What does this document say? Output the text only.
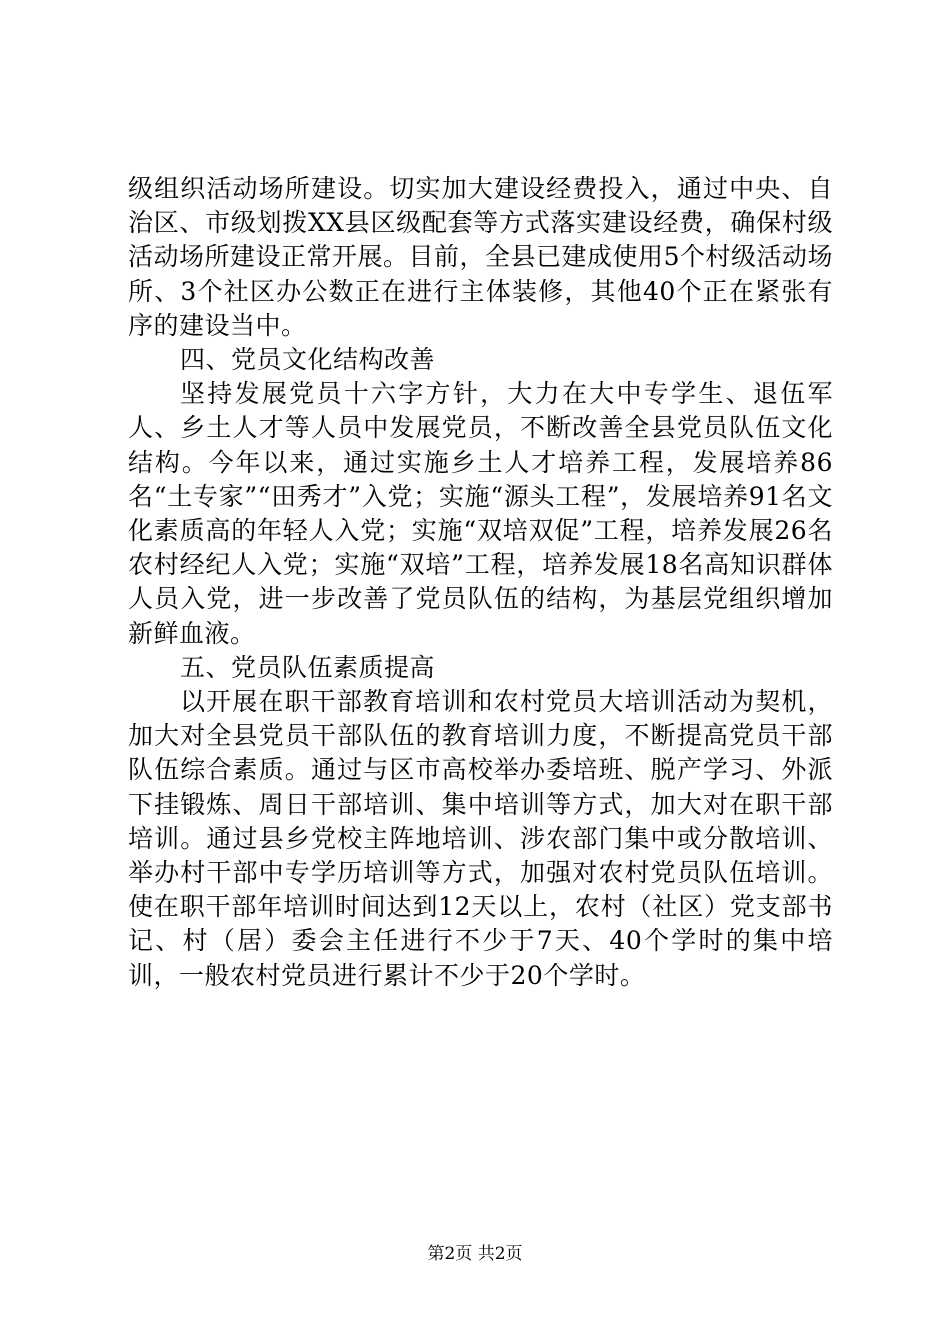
级组织活动场所建设。切实加大建设经费投入，通过中央、自治区、市级划拨XX县区级配套等方式落实建设经费，确保村级活动场所建设正常开展。目前，全县已建成使用5个村级活动场所、3个社区办公数正在进行主体装修，其他40个正在紧张有序的建设当中。

四、党员文化结构改善

坚持发展党员十六字方针，大力在大中专学生、退伍军人、乡土人才等人员中发展党员，不断改善全县党员队伍文化结构。今年以来，通过实施乡土人才培养工程，发展培养86名“土专家”“田秀才”入党；实施“源头工程”，发展培养91名文化素质高的年轻人入党；实施“双培双促”工程，培养发展26名农村经纪人入党；实施“双培”工程，培养发展18名高知识群体人员入党，进一步改善了党员队伍的结构，为基层党组织增加新鲜血液。

五、党员队伍素质提高

以开展在职干部教育培训和农村党员大培训活动为契机，加大对全县党员干部队伍的教育培训力度，不断提高党员干部队伍综合素质。通过与区市高校举办委培班、脱产学习、外派下挂锻炼、周日干部培训、集中培训等方式，加大对在职干部培训。通过县乡党校主阵地培训、涉农部门集中或分散培训、举办村干部中专学历培训等方式，加强对农村党员队伍培训。使在职干部年培训时间达到12天以上，农村（社区）党支部书记、村（居）委会主任进行不少于7天、40个学时的集中培训，一般农村党员进行累计不少于20个学时。

第2页 共2页
